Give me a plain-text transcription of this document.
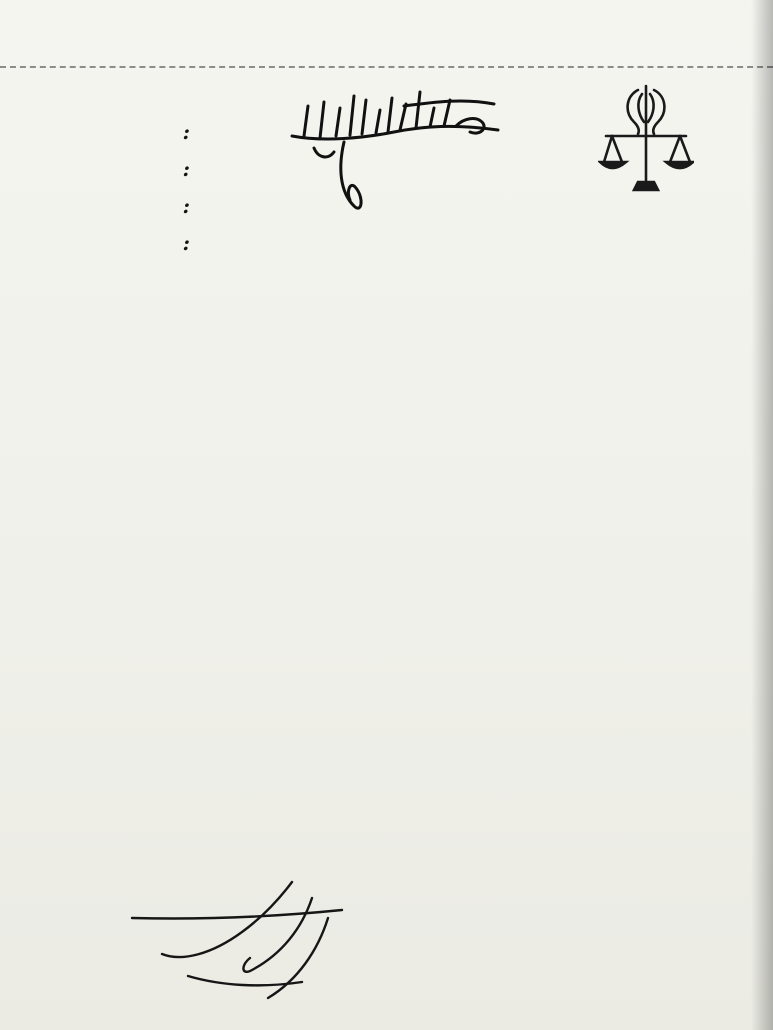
:
:
:
:
